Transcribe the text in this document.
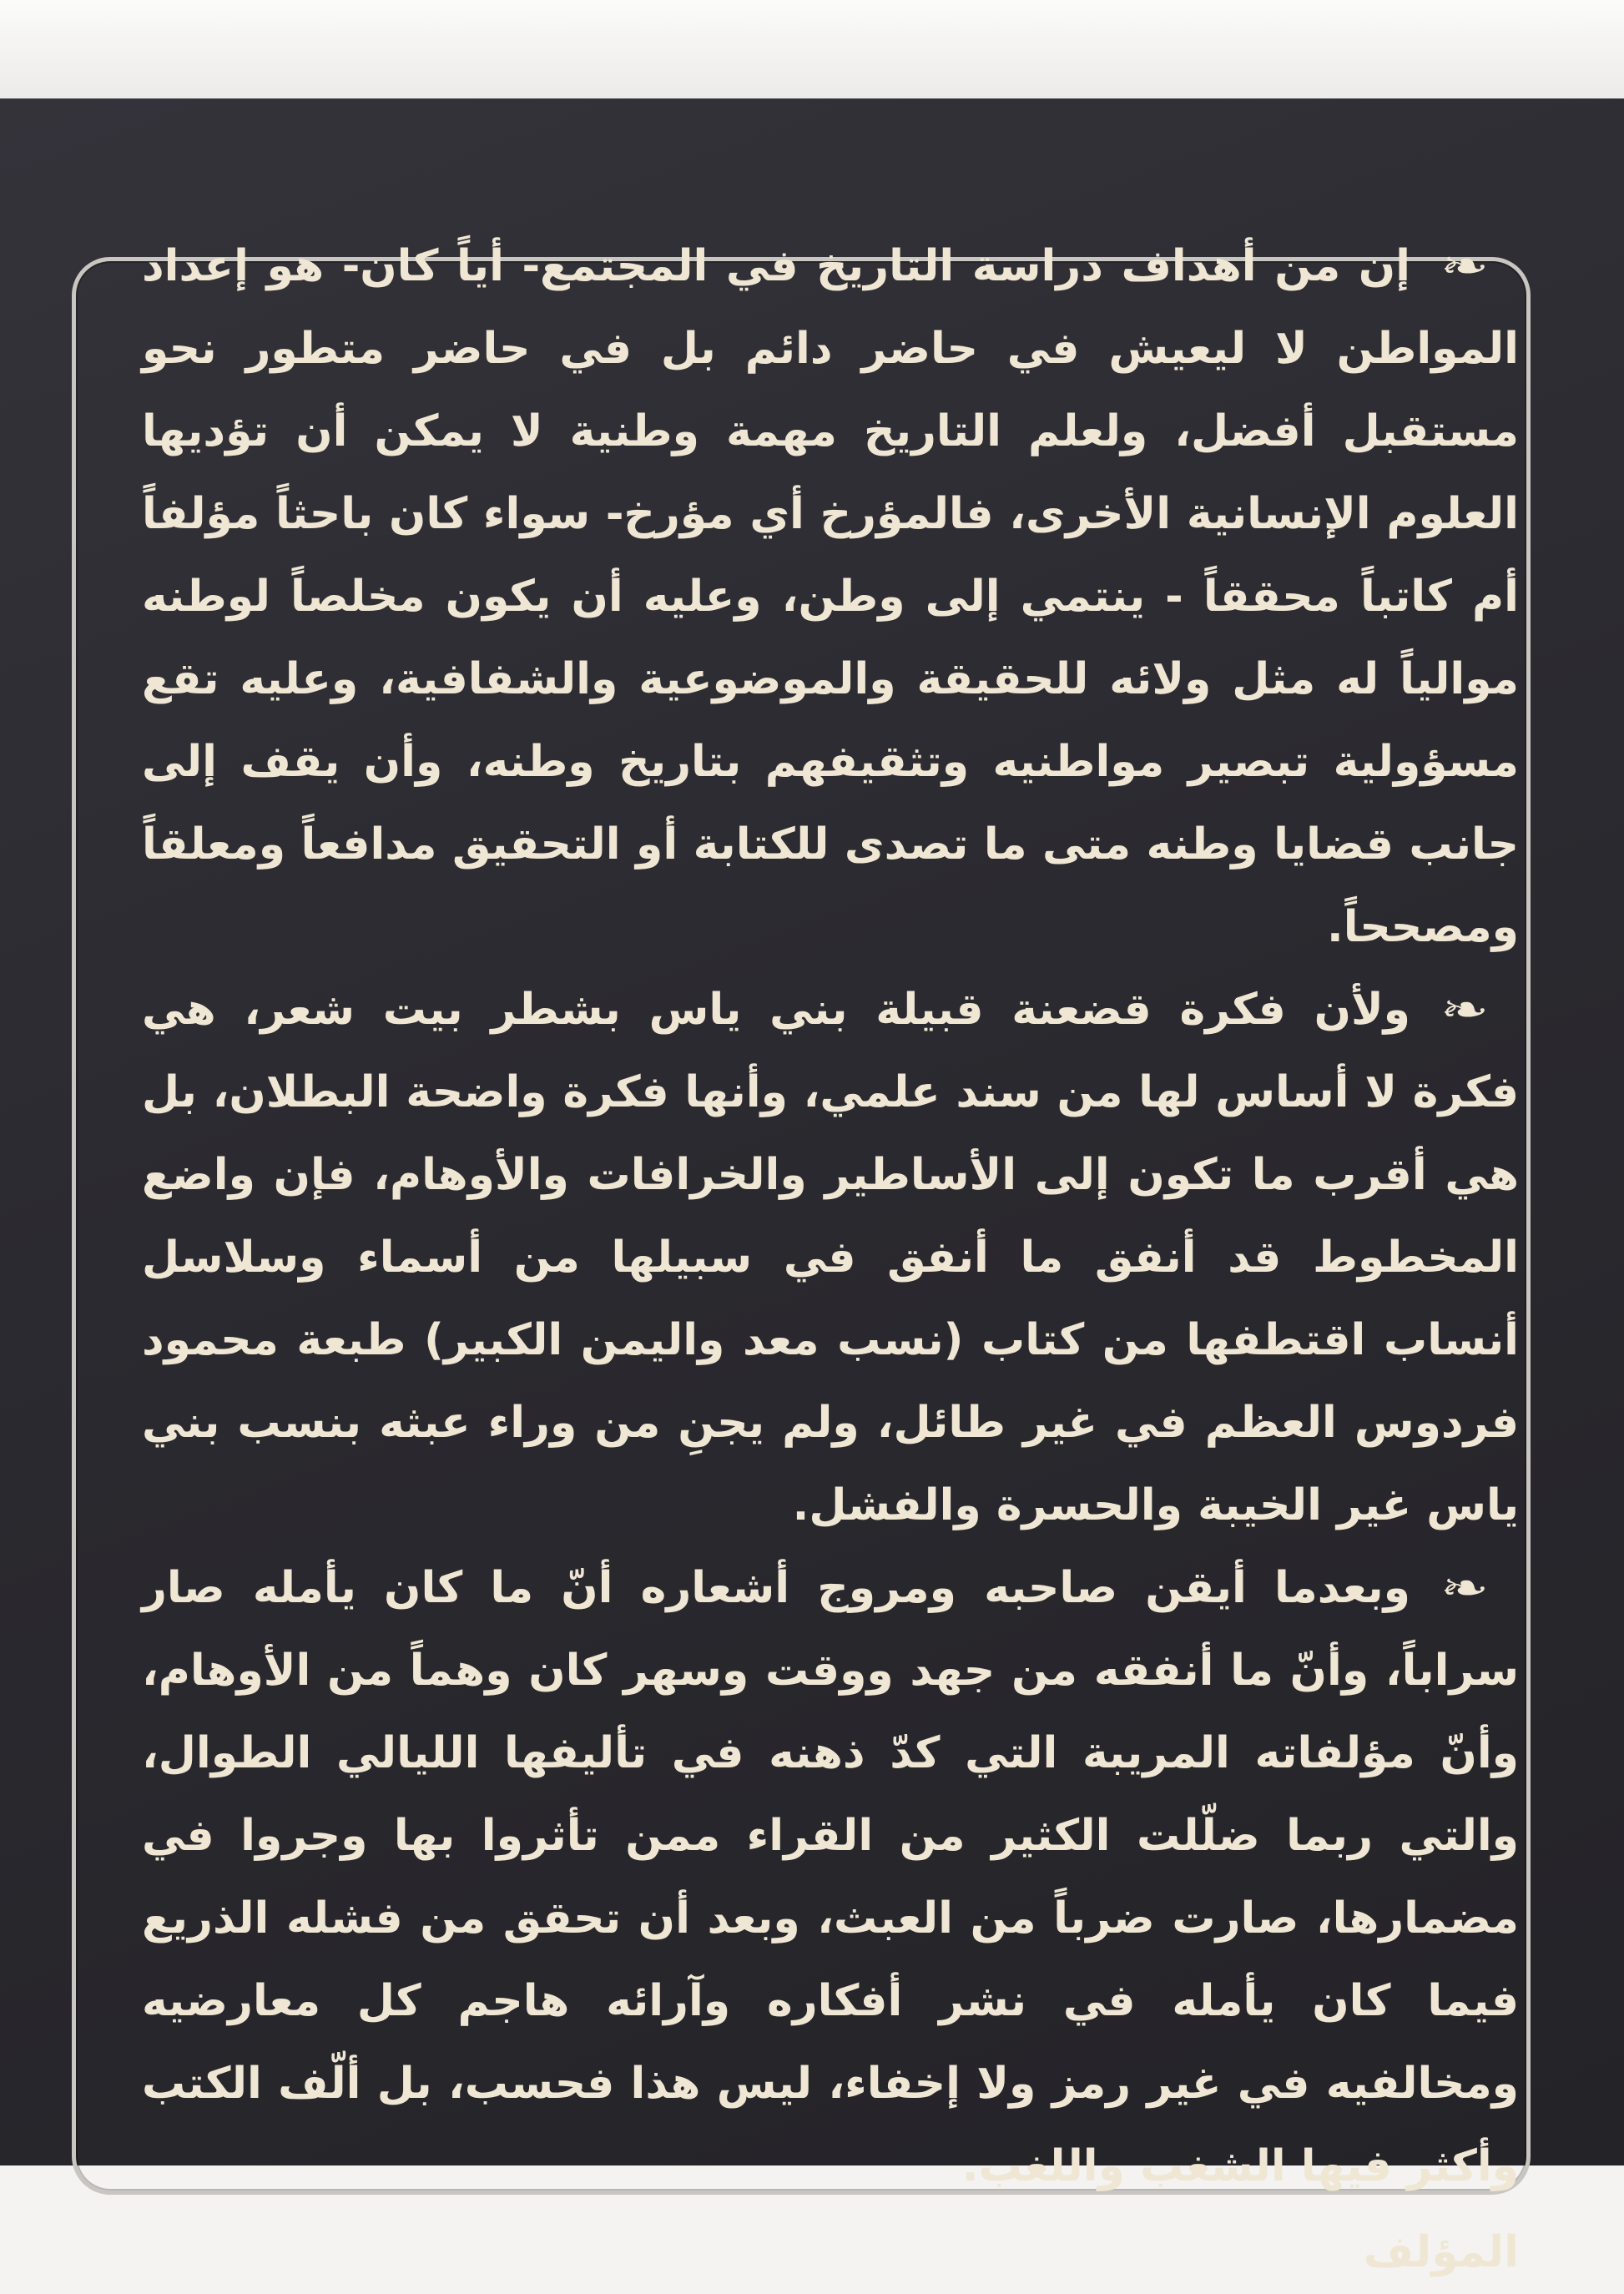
❧إن من أهداف دراسة التاريخ في المجتمع- أياً كان- هو إعداد المواطن لا ليعيش في حاضر دائم بل في حاضر متطور نحو مستقبل أفضل، ولعلم التاريخ مهمة وطنية لا يمكن أن تؤديها العلوم الإنسانية الأخرى، فالمؤرخ أي مؤرخ- سواء كان باحثاً مؤلفاً أم كاتباً محققاً - ينتمي إلى وطن، وعليه أن يكون مخلصاً لوطنه موالياً له مثل ولائه للحقيقة والموضوعية والشفافية، وعليه تقع مسؤولية تبصير مواطنيه وتثقيفهم بتاريخ وطنه، وأن يقف إلى جانب قضايا وطنه متى ما تصدى للكتابة أو التحقيق مدافعاً ومعلقاً ومصححاً.

❧ولأن فكرة قضعنة قبيلة بني ياس بشطر بيت شعر، هي فكرة لا أساس لها من سند علمي، وأنها فكرة واضحة البطلان، بل هي أقرب ما تكون إلى الأساطير والخرافات والأوهام، فإن واضع المخطوط قد أنفق ما أنفق في سبيلها من أسماء وسلاسل أنساب اقتطفها من كتاب (نسب معد واليمن الكبير) طبعة محمود فردوس العظم في غير طائل، ولم يجنِ من وراء عبثه بنسب بني ياس غير الخيبة والحسرة والفشل.

❧وبعدما أيقن صاحبه ومروج أشعاره أنّ ما كان يأمله صار سراباً، وأنّ ما أنفقه من جهد ووقت وسهر كان وهماً من الأوهام، وأنّ مؤلفاته المريبة التي كدّ ذهنه في تأليفها الليالي الطوال، والتي ربما ضلّلت الكثير من القراء ممن تأثروا بها وجروا في مضمارها، صارت ضرباً من العبث، وبعد أن تحقق من فشله الذريع فيما كان يأمله في نشر أفكاره وآرائه هاجم كل معارضيه ومخالفيه في غير رمز ولا إخفاء، ليس هذا فحسب، بل ألّف الكتب وأكثر فيها الشغب واللغب.

المؤلف
